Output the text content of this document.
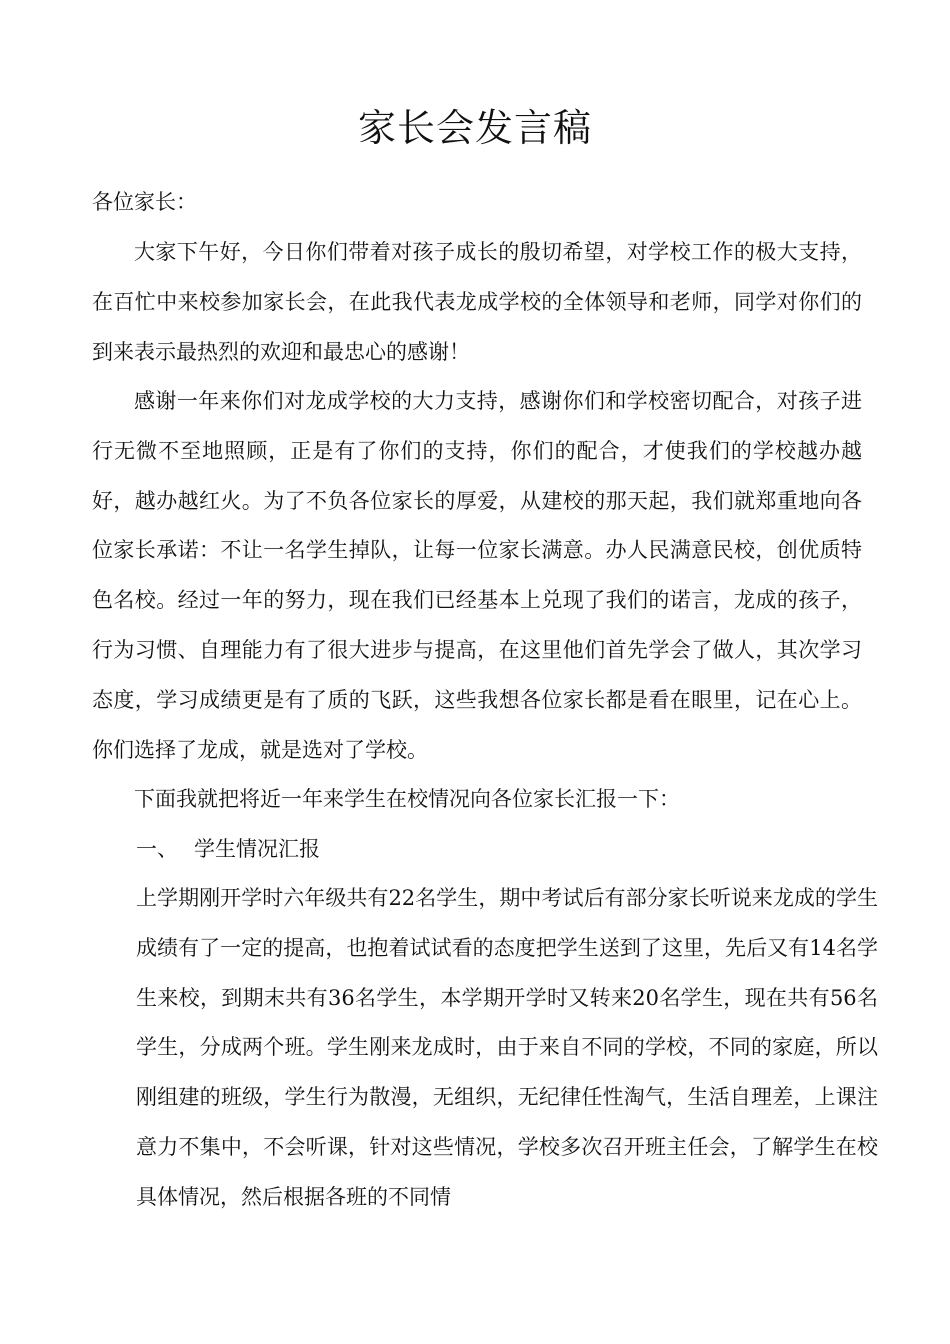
家长会发言稿

各位家长：

大家下午好，今日你们带着对孩子成长的殷切希望，对学校工作的极大支持，在百忙中来校参加家长会，在此我代表龙成学校的全体领导和老师，同学对你们的到来表示最热烈的欢迎和最忠心的感谢！

感谢一年来你们对龙成学校的大力支持，感谢你们和学校密切配合，对孩子进行无微不至地照顾，正是有了你们的支持，你们的配合，才使我们的学校越办越好，越办越红火。为了不负各位家长的厚爱，从建校的那天起，我们就郑重地向各位家长承诺：不让一名学生掉队，让每一位家长满意。办人民满意民校，创优质特色名校。经过一年的努力，现在我们已经基本上兑现了我们的诺言，龙成的孩子，行为习惯、自理能力有了很大进步与提高，在这里他们首先学会了做人，其次学习态度，学习成绩更是有了质的飞跃，这些我想各位家长都是看在眼里，记在心上。你们选择了龙成，就是选对了学校。

下面我就把将近一年来学生在校情况向各位家长汇报一下：

一、 学生情况汇报

上学期刚开学时六年级共有22名学生，期中考试后有部分家长听说来龙成的学生成绩有了一定的提高，也抱着试试看的态度把学生送到了这里，先后又有14名学生来校，到期末共有36名学生，本学期开学时又转来20名学生，现在共有56名学生，分成两个班。学生刚来龙成时，由于来自不同的学校，不同的家庭，所以刚组建的班级，学生行为散漫，无组织，无纪律任性淘气，生活自理差，上课注意力不集中，不会听课，针对这些情况，学校多次召开班主任会，了解学生在校具体情况，然后根据各班的不同情
